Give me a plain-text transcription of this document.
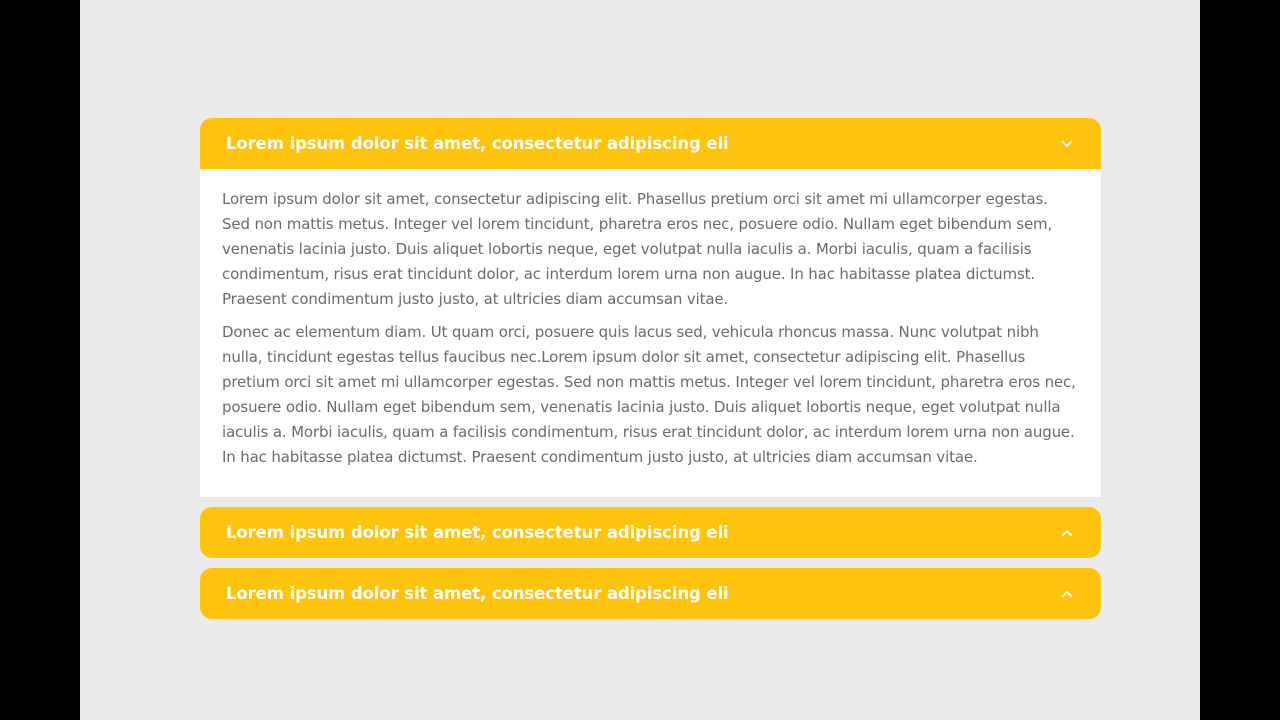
Lorem ipsum dolor sit amet, consectetur adipiscing eli

Lorem ipsum dolor sit amet, consectetur adipiscing elit. Phasellus pretium orci sit amet mi ullamcorper egestas. Sed non mattis metus. Integer vel lorem tincidunt, pharetra eros nec, posuere odio. Nullam eget bibendum sem, venenatis lacinia justo. Duis aliquet lobortis neque, eget volutpat nulla iaculis a. Morbi iaculis, quam a facilisis condimentum, risus erat tincidunt dolor, ac interdum lorem urna non augue. In hac habitasse platea dictumst. Praesent condimentum justo justo, at ultricies diam accumsan vitae.

Donec ac elementum diam. Ut quam orci, posuere quis lacus sed, vehicula rhoncus massa. Nunc volutpat nibh nulla, tincidunt egestas tellus faucibus nec.Lorem ipsum dolor sit amet, consectetur adipiscing elit. Phasellus pretium orci sit amet mi ullamcorper egestas. Sed non mattis metus. Integer vel lorem tincidunt, pharetra eros nec, posuere odio. Nullam eget bibendum sem, venenatis lacinia justo. Duis aliquet lobortis neque, eget volutpat nulla iaculis a. Morbi iaculis, quam a facilisis condimentum, risus erat tincidunt dolor, ac interdum lorem urna non augue. In hac habitasse platea dictumst. Praesent condimentum justo justo, at ultricies diam accumsan vitae.

Lorem ipsum dolor sit amet, consectetur adipiscing eli
Lorem ipsum dolor sit amet, consectetur adipiscing eli
